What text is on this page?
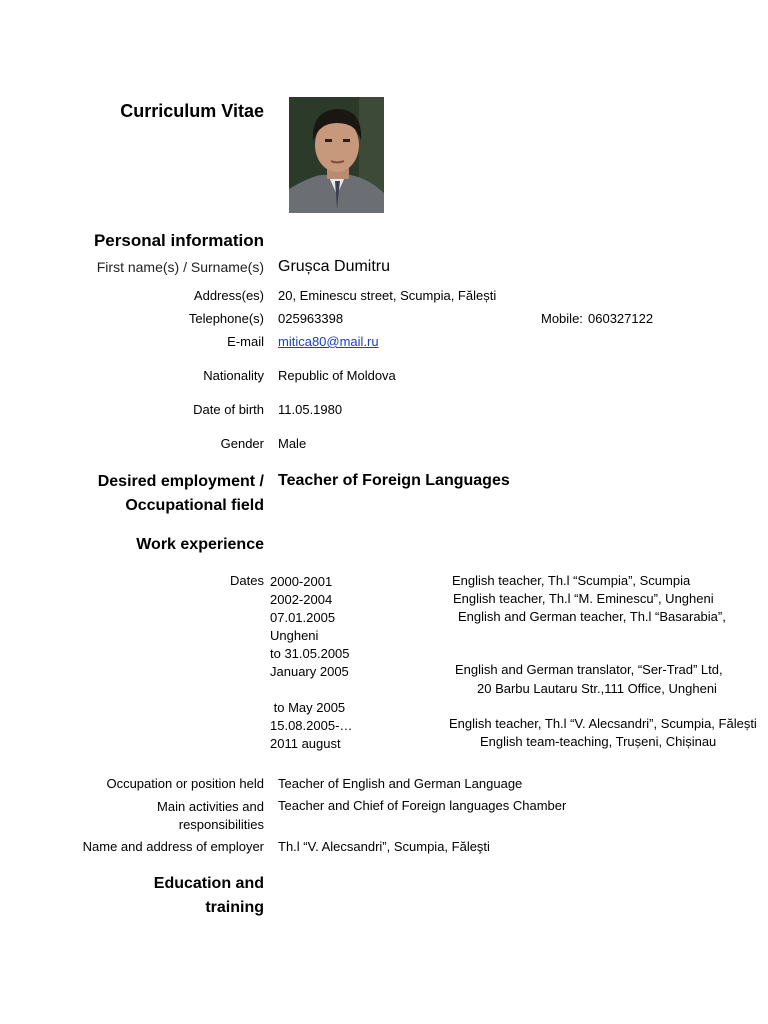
Curriculum Vitae
Personal information
First name(s) / Surname(s) Grușca Dumitru
Address(es) 20, Eminescu street, Scumpia, Fălești
Telephone(s) 025963398	Mobile: 060327122
E-mail mitica80@mail.ru
Nationality Republic of Moldova
Date of birth 11.05.1980
Gender Male
Desired employment /
Occupational field
Teacher of Foreign Languages
Work experience
Dates 2000-2001
2002-2004
07.01.2005
Ungheni
to 31.05.2005
January 2005
to May 2005
15.08.2005-…
2011 august
English teacher, Th.l “Scumpia”, Scumpia
English teacher, Th.l “M. Eminescu”, Ungheni
English and German teacher, Th.l “Basarabia”,
English and German translator, “Ser-Trad” Ltd,
20 Barbu Lautaru Str.,111 Office, Ungheni
English teacher, Th.l “V. Alecsandri”, Scumpia, Fălești
English team-teaching, Trușeni, Chișinau
Occupation or position held Teacher of English and German Language
Main activities and
responsibilities
Teacher and Chief of Foreign languages Chamber
Name and address of employer Th.l “V. Alecsandri”, Scumpia, Făleşti
Education and
training
